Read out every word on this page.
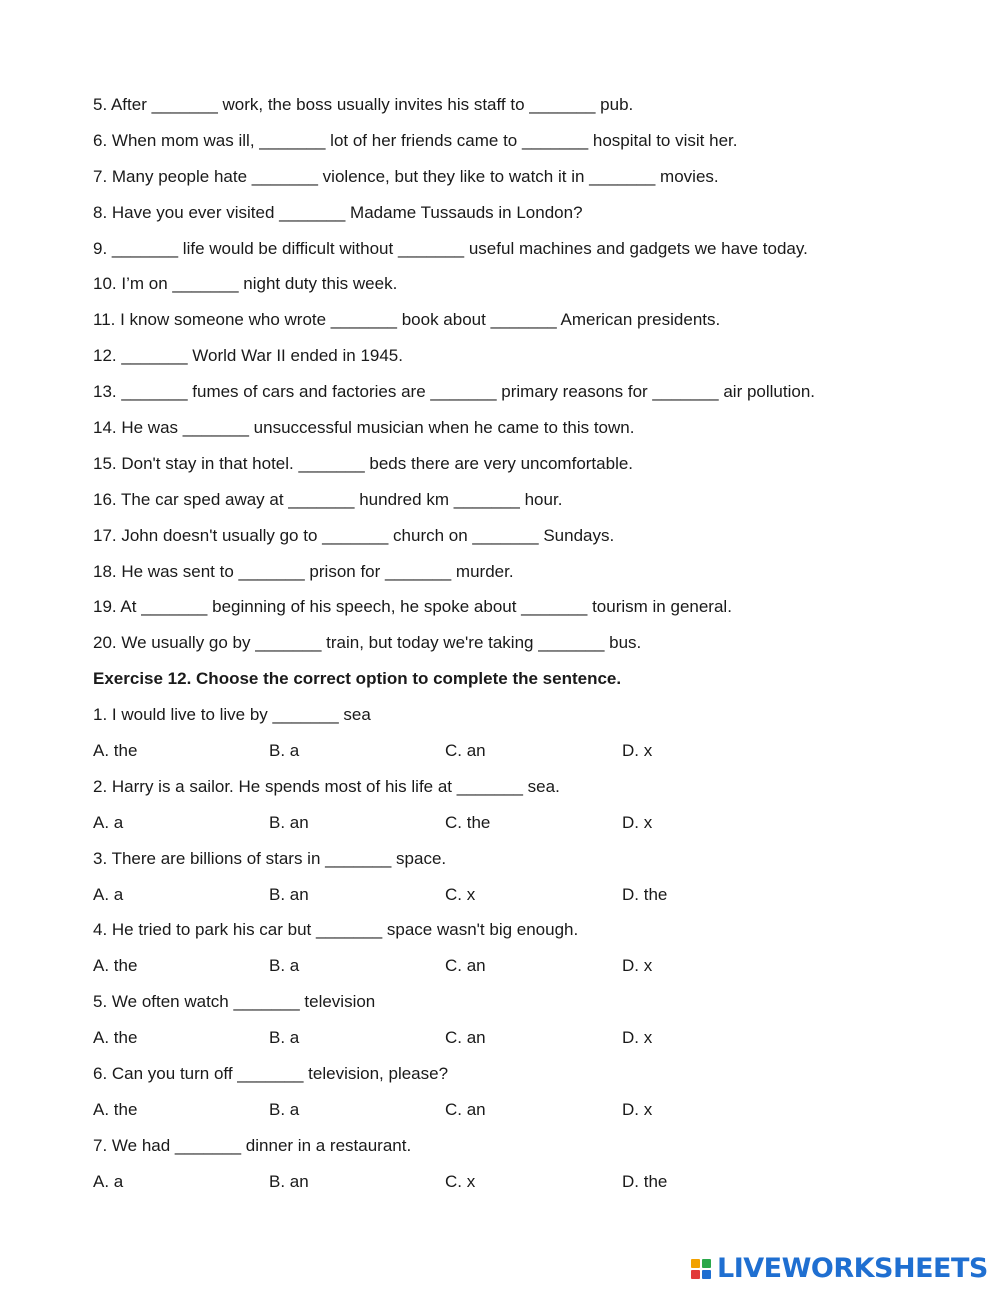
5. After _______ work, the boss usually invites his staff to _______ pub.
6. When mom was ill, _______ lot of her friends came to _______ hospital to visit her.
7. Many people hate _______ violence, but they like to watch it in _______ movies.
8. Have you ever visited _______ Madame Tussauds in London?
9. _______ life would be difficult without _______ useful machines and gadgets we have today.
10. I’m on _______ night duty this week.
11. I know someone who wrote _______ book about _______ American presidents.
12. _______ World War II ended in 1945.
13. _______ fumes of cars and factories are _______ primary reasons for _______ air pollution.
14. He was _______ unsuccessful musician when he came to this town.
15. Don't stay in that hotel. _______ beds there are very uncomfortable.
16. The car sped away at _______ hundred km _______ hour.
17. John doesn't usually go to _______ church on _______ Sundays.
18. He was sent to _______ prison for _______ murder.
19. At _______ beginning of his speech, he spoke about _______ tourism in general.
20. We usually go by _______ train, but today we're taking _______ bus.
Exercise 12. Choose the correct option to complete the sentence.
1. I would live to live by _______ sea
A. the	B. a	C. an	D. x
2. Harry is a sailor. He spends most of his life at _______ sea.
A. a	B. an	C. the	D. x
3. There are billions of stars in _______ space.
A. a	B. an	C. x	D. the
4. He tried to park his car but _______ space wasn't big enough.
A. the	B. a	C. an	D. x
5. We often watch _______ television
A. the	B. a	C. an	D. x
6. Can you turn off _______ television, please?
A. the	B. a	C. an	D. x
7. We had _______ dinner in a restaurant.
A. a	B. an	C. x	D. the
LIVEWORKSHEETS
